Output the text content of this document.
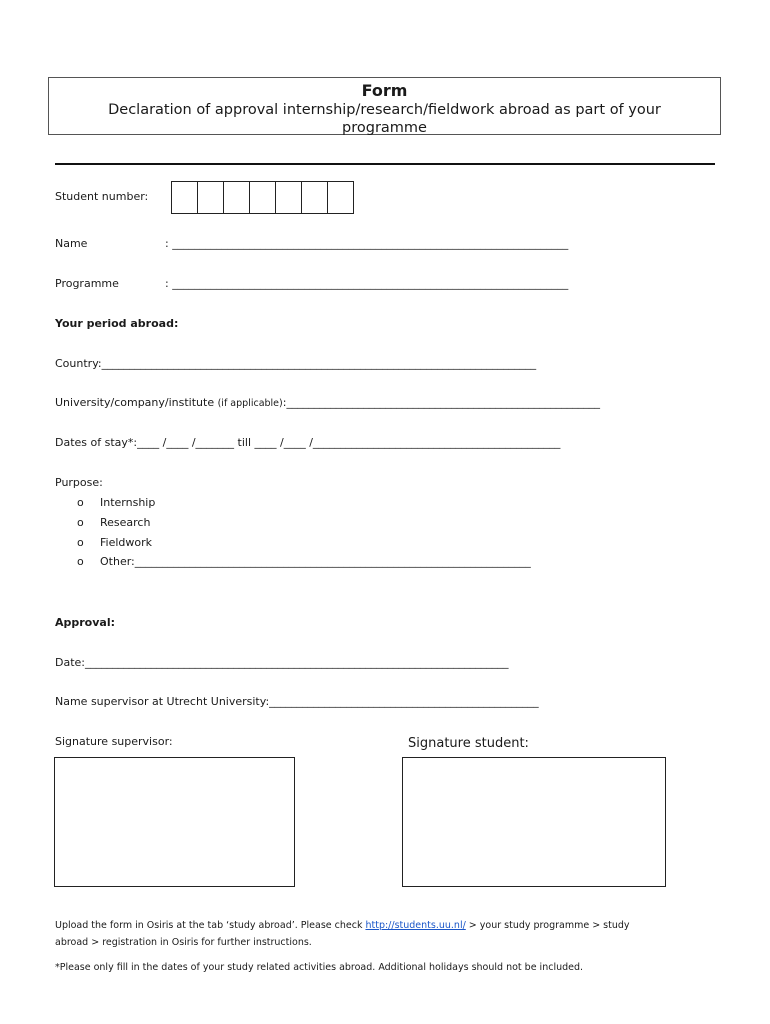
Form
Declaration of approval internship/research/fieldwork abroad as part of your programme
Student number:
Name	: ________________________________________________________________________
Programme	: ________________________________________________________________________
Your period abroad:
Country:_______________________________________________________________________________
University/company/institute (if applicable):_________________________________________________________
Dates of stay*:____ /____ /_______ till ____ /____ /_____________________________________________
Purpose:
o	Internship
o	Research
o	Fieldwork
o	Other:________________________________________________________________________
Approval:
Date:_____________________________________________________________________________
Name supervisor at Utrecht University:_________________________________________________
Signature supervisor:	Signature student:
Upload the form in Osiris at the tab ‘study abroad’. Please check http://students.uu.nl/ > your study programme > study
abroad > registration in Osiris for further instructions.
*Please only fill in the dates of your study related activities abroad. Additional holidays should not be included.
